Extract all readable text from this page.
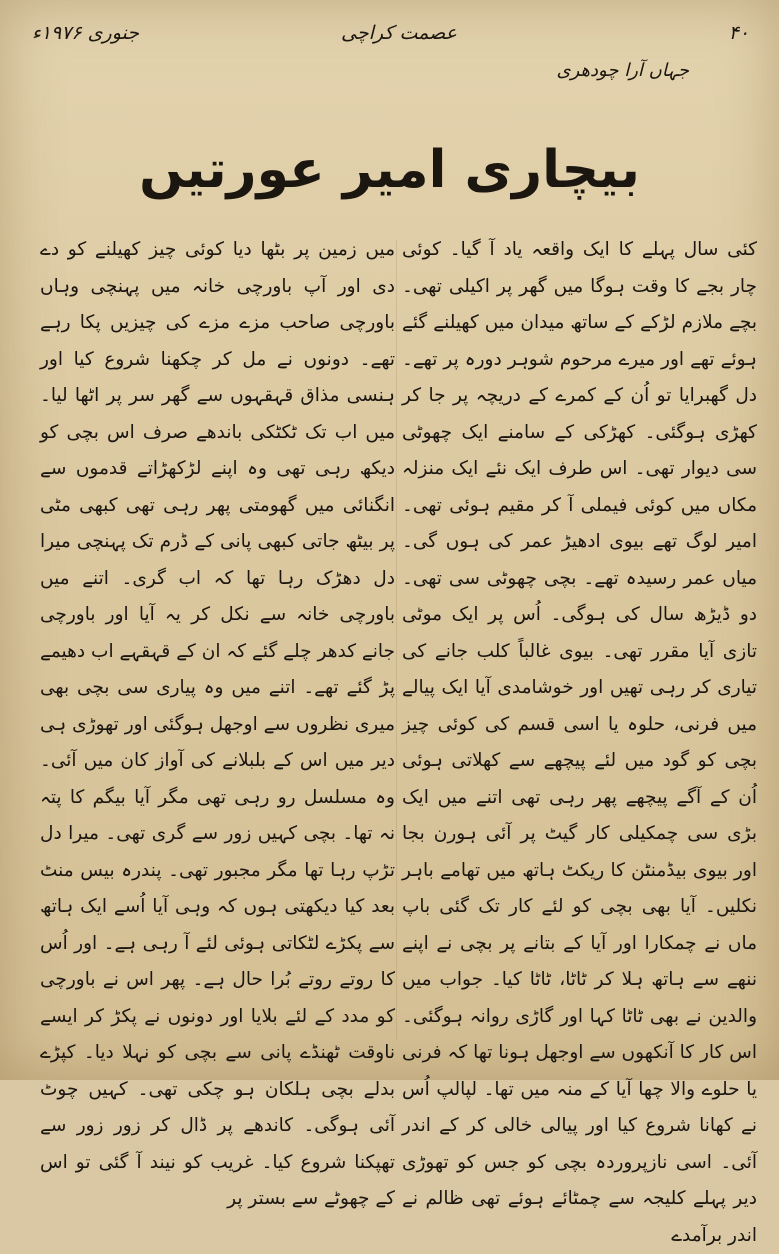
۴۰
عصمت کراچی
جنوری ۱۹۷۶ء
جہاں آرا چودھری
بیچاری امیر عورتیں

کئی سال پہلے کا ایک واقعہ یاد آ گیا۔ کوئی چار بجے کا وقت ہوگا میں گھر پر اکیلی تھی۔ بچے ملازم لڑکے کے ساتھ میدان میں کھیلنے گئے ہوئے تھے اور میرے مرحوم شوہر دورہ پر تھے۔ دل گھبرایا تو اُن کے کمرے کے دریچہ پر جا کر کھڑی ہوگئی۔ کھڑکی کے سامنے ایک چھوٹی سی دیوار تھی۔ اس طرف ایک نئے ایک منزلہ مکاں میں کوئی فیملی آ کر مقیم ہوئی تھی۔ امیر لوگ تھے بیوی ادھیڑ عمر کی ہوں گی۔ میاں عمر رسیدہ تھے۔ بچی چھوٹی سی تھی۔ دو ڈیڑھ سال کی ہوگی۔ اُس پر ایک موٹی تازی آیا مقرر تھی۔ بیوی غالباً کلب جانے کی تیاری کر رہی تھیں اور خوشامدی آیا ایک پیالے میں فرنی، حلوہ یا اسی قسم کی کوئی چیز بچی کو گود میں لئے پیچھے سے کھلاتی ہوئی اُن کے آگے پیچھے پھر رہی تھی اتنے میں ایک بڑی سی چمکیلی کار گیٹ پر آئی ہورن بجا اور بیوی بیڈمنٹن کا ریکٹ ہاتھ میں تھامے باہر نکلیں۔ آیا بھی بچی کو لئے کار تک گئی باپ ماں نے چمکارا اور آیا کے بتانے پر بچی نے اپنے ننھے سے ہاتھ ہلا کر ٹاٹا، ٹاٹا کیا۔ جواب میں والدین نے بھی ٹاٹا کہا اور گاڑی روانہ ہوگئی۔ اس کار کا آنکھوں سے اوجھل ہونا تھا کہ فرنی یا حلوے والا چھا آیا کے منہ میں تھا۔ لپالپ اُس نے کھانا شروع کیا اور پیالی خالی کر کے اندر آئی۔ اسی نازپروردہ بچی کو جس کو تھوڑی دیر پہلے کلیجہ سے چمٹائے ہوئے تھی ظالم نے اندر برآمدے

میں زمین پر بٹھا دیا کوئی چیز کھیلنے کو دے دی اور آپ باورچی خانہ میں پہنچی وہاں باورچی صاحب مزے مزے کی چیزیں پکا رہے تھے۔ دونوں نے مل کر چکھنا شروع کیا اور ہنسی مذاق قہقہوں سے گھر سر پر اٹھا لیا۔ میں اب تک ٹکٹکی باندھے صرف اس بچی کو دیکھ رہی تھی وہ اپنے لڑکھڑاتے قدموں سے انگنائی میں گھومتی پھر رہی تھی کبھی مٹی پر بیٹھ جاتی کبھی پانی کے ڈرم تک پہنچی میرا دل دھڑک رہا تھا کہ اب گری۔ اتنے میں باورچی خانہ سے نکل کر یہ آیا اور باورچی جانے کدھر چلے گئے کہ ان کے قہقہے اب دھیمے پڑ گئے تھے۔ اتنے میں وہ پیاری سی بچی بھی میری نظروں سے اوجھل ہوگئی اور تھوڑی ہی دیر میں اس کے بلبلانے کی آواز کان میں آئی۔ وہ مسلسل رو رہی تھی مگر آیا بیگم کا پتہ نہ تھا۔ بچی کہیں زور سے گری تھی۔ میرا دل تڑپ رہا تھا مگر مجبور تھی۔ پندرہ بیس منٹ بعد کیا دیکھتی ہوں کہ وہی آیا اُسے ایک ہاتھ سے پکڑے لٹکاتی ہوئی لئے آ رہی ہے۔ اور اُس کا روتے روتے بُرا حال ہے۔ پھر اس نے باورچی کو مدد کے لئے بلایا اور دونوں نے پکڑ کر ایسے ناوقت ٹھنڈے پانی سے بچی کو نہلا دیا۔ کپڑے بدلے بچی ہلکان ہو چکی تھی۔ کہیں چوٹ آئی ہوگی۔ کاندھے پر ڈال کر زور زور سے تھپکنا شروع کیا۔ غریب کو نیند آ گئی تو اس کے چھوٹے سے بستر پر
